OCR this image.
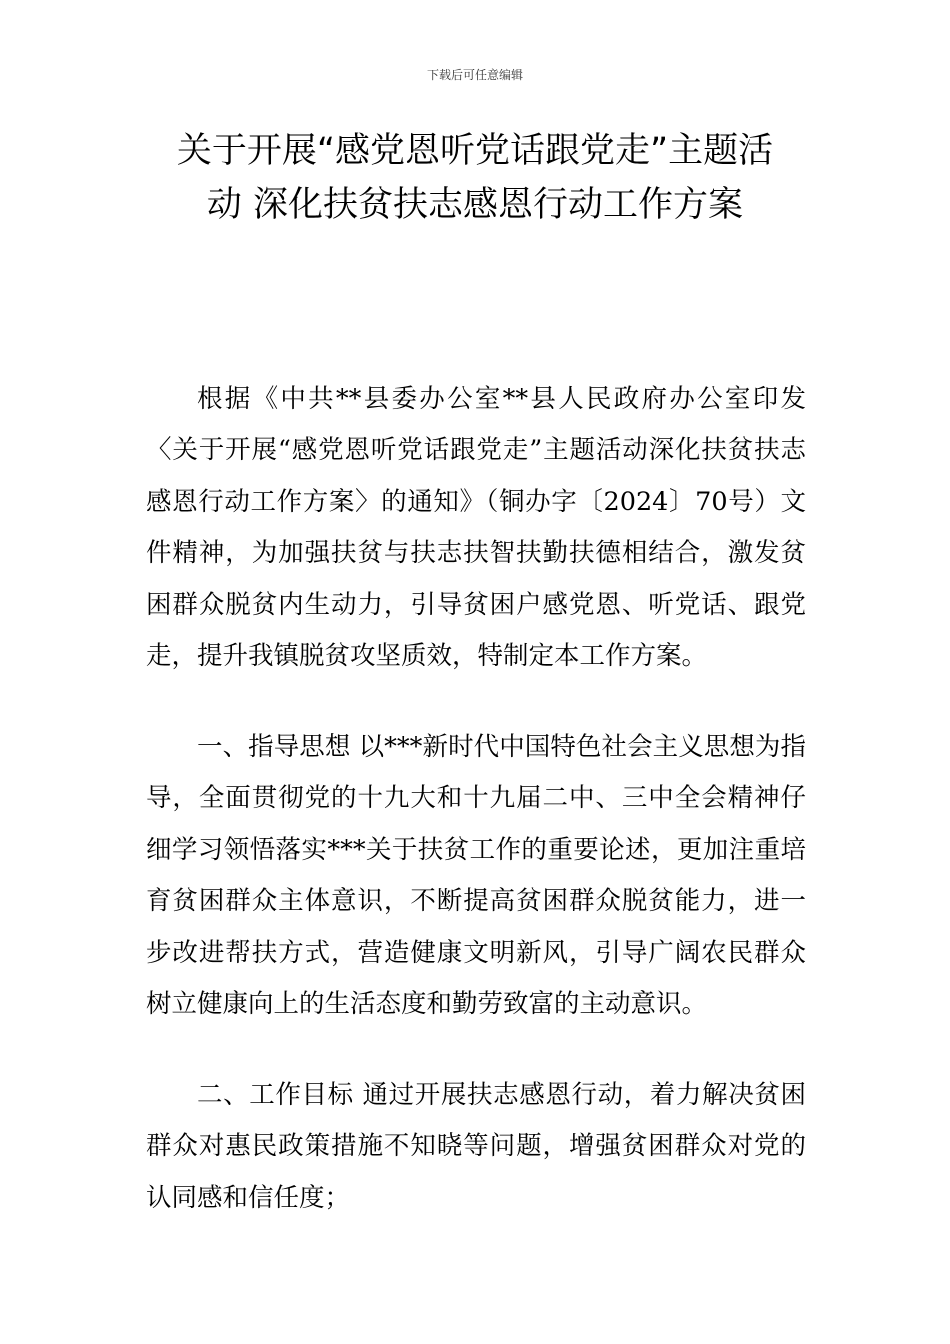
下载后可任意编辑
关于开展“感党恩听党话跟党走”主题活
动 深化扶贫扶志感恩行动工作方案

根据《中共**县委办公室**县人民政府办公室印发〈关于开展“感党恩听党话跟党走”主题活动深化扶贫扶志感恩行动工作方案〉的通知》（铜办字〔2024〕70号）文件精神，为加强扶贫与扶志扶智扶勤扶德相结合，激发贫困群众脱贫内生动力，引导贫困户感党恩、听党话、跟党走，提升我镇脱贫攻坚质效，特制定本工作方案。

一、指导思想 以***新时代中国特色社会主义思想为指导，全面贯彻党的十九大和十九届二中、三中全会精神仔细学习领悟落实***关于扶贫工作的重要论述，更加注重培育贫困群众主体意识，不断提高贫困群众脱贫能力，进一步改进帮扶方式，营造健康文明新风，引导广阔农民群众树立健康向上的生活态度和勤劳致富的主动意识。

二、工作目标 通过开展扶志感恩行动，着力解决贫困群众对惠民政策措施不知晓等问题，增强贫困群众对党的认同感和信任度；
